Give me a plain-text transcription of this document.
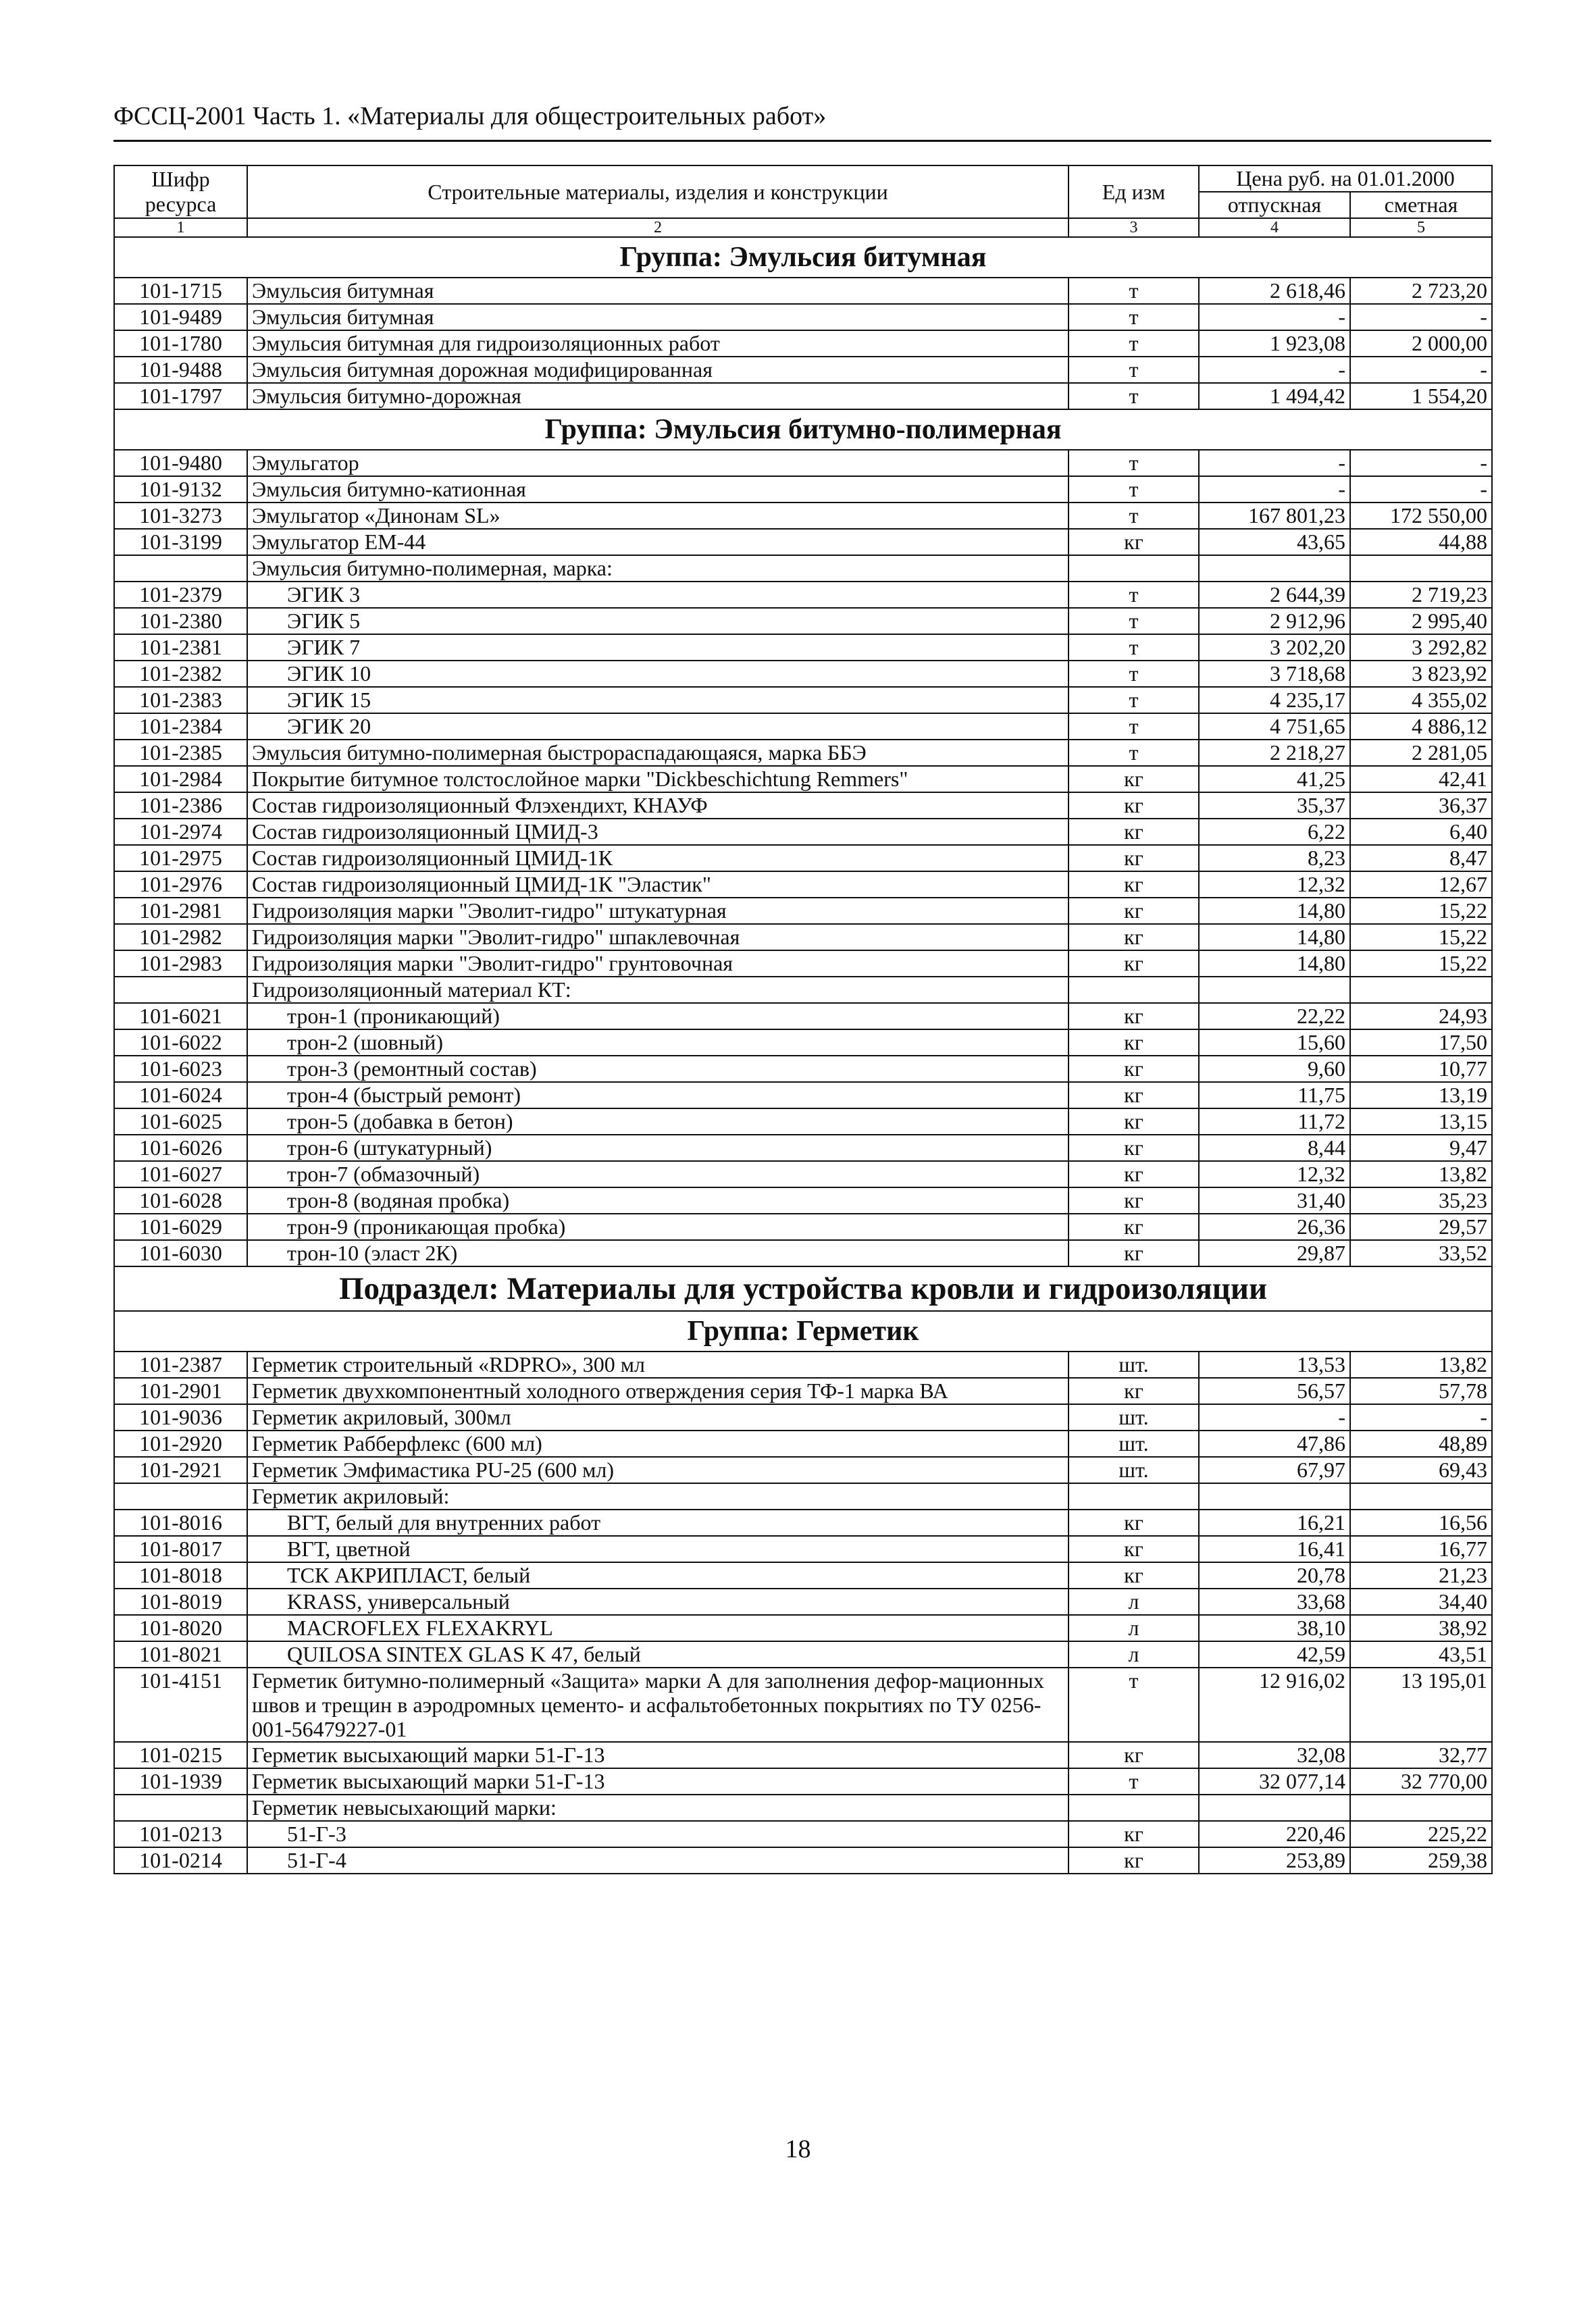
ФССЦ-2001 Часть 1. «Материалы для общестроительных работ»
Шифр ресурса	Строительные материалы, изделия и конструкции	Ед изм	Цена руб. на 01.01.2000	
			отпускная	сметная
1	2	3	4	5
Группа: Эмульсия битумная				
101-1715	Эмульсия битумная	т	2 618,46	2 723,20
101-9489	Эмульсия битумная	т	-	-
101-1780	Эмульсия битумная для гидроизоляционных работ	т	1 923,08	2 000,00
101-9488	Эмульсия битумная дорожная модифицированная	т	-	-
101-1797	Эмульсия битумно-дорожная	т	1 494,42	1 554,20
Группа: Эмульсия битумно-полимерная				
101-9480	Эмульгатор	т	-	-
101-9132	Эмульсия битумно-катионная	т	-	-
101-3273	Эмульгатор «Динонам SL»	т	167 801,23	172 550,00
101-3199	Эмульгатор ЕМ-44	кг	43,65	44,88
	Эмульсия битумно-полимерная, марка:			
101-2379	ЭГИК 3	т	2 644,39	2 719,23
101-2380	ЭГИК 5	т	2 912,96	2 995,40
101-2381	ЭГИК 7	т	3 202,20	3 292,82
101-2382	ЭГИК 10	т	3 718,68	3 823,92
101-2383	ЭГИК 15	т	4 235,17	4 355,02
101-2384	ЭГИК 20	т	4 751,65	4 886,12
101-2385	Эмульсия битумно-полимерная быстрораспадающаяся, марка ББЭ	т	2 218,27	2 281,05
101-2984	Покрытие битумное толстослойное марки "Dickbeschichtung Remmers"	кг	41,25	42,41
101-2386	Состав гидроизоляционный Флэхендихт, КНАУФ	кг	35,37	36,37
101-2974	Состав гидроизоляционный ЦМИД-3	кг	6,22	6,40
101-2975	Состав гидроизоляционный ЦМИД-1К	кг	8,23	8,47
101-2976	Состав гидроизоляционный ЦМИД-1К "Эластик"	кг	12,32	12,67
101-2981	Гидроизоляция марки "Эволит-гидро" штукатурная	кг	14,80	15,22
101-2982	Гидроизоляция марки "Эволит-гидро" шпаклевочная	кг	14,80	15,22
101-2983	Гидроизоляция марки "Эволит-гидро" грунтовочная	кг	14,80	15,22
	Гидроизоляционный материал КТ:			
101-6021	трон-1 (проникающий)	кг	22,22	24,93
101-6022	трон-2 (шовный)	кг	15,60	17,50
101-6023	трон-3 (ремонтный состав)	кг	9,60	10,77
101-6024	трон-4 (быстрый ремонт)	кг	11,75	13,19
101-6025	трон-5 (добавка в бетон)	кг	11,72	13,15
101-6026	трон-6 (штукатурный)	кг	8,44	9,47
101-6027	трон-7 (обмазочный)	кг	12,32	13,82
101-6028	трон-8 (водяная пробка)	кг	31,40	35,23
101-6029	трон-9 (проникающая пробка)	кг	26,36	29,57
101-6030	трон-10 (эласт 2К)	кг	29,87	33,52
Подраздел: Материалы для устройства кровли и гидроизоляции				
Группа: Герметик				
101-2387	Герметик строительный «RDPRO», 300 мл	шт.	13,53	13,82
101-2901	Герметик двухкомпонентный холодного отверждения серия ТФ-1 марка ВА	кг	56,57	57,78
101-9036	Герметик акриловый, 300мл	шт.	-	-
101-2920	Герметик Рабберфлекс (600 мл)	шт.	47,86	48,89
101-2921	Герметик Эмфимастика PU-25 (600 мл)	шт.	67,97	69,43
	Герметик акриловый:			
101-8016	ВГТ, белый для внутренних работ	кг	16,21	16,56
101-8017	ВГТ, цветной	кг	16,41	16,77
101-8018	ТСК АКРИПЛАСТ, белый	кг	20,78	21,23
101-8019	KRASS, универсальный	л	33,68	34,40
101-8020	MACROFLEX FLEXAKRYL	л	38,10	38,92
101-8021	QUILOSA SINTEX GLAS K 47, белый	л	42,59	43,51
101-4151	Герметик битумно-полимерный «Защита» марки А для заполнения дефор-мационных швов и трещин в аэродромных цементо- и асфальтобетонных покрытиях по ТУ 0256-001-56479227-01	т	12 916,02	13 195,01
101-0215	Герметик высыхающий марки 51-Г-13	кг	32,08	32,77
101-1939	Герметик высыхающий марки 51-Г-13	т	32 077,14	32 770,00
	Герметик невысыхающий марки:			
101-0213	51-Г-3	кг	220,46	225,22
101-0214	51-Г-4	кг	253,89	259,38
18
